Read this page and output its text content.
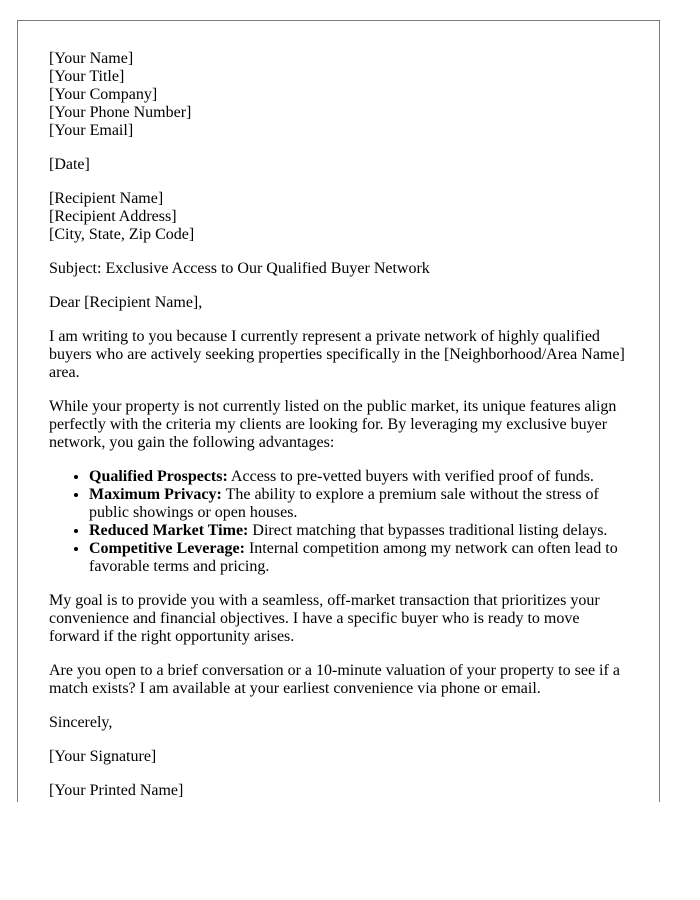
[Your Name]
[Your Title]
[Your Company]
[Your Phone Number]
[Your Email]
[Date]
[Recipient Name]
[Recipient Address]
[City, State, Zip Code]

Subject: Exclusive Access to Our Qualified Buyer Network

Dear [Recipient Name],

I am writing to you because I currently represent a private network of highly qualified buyers who are actively seeking properties specifically in the [Neighborhood/Area Name] area.

While your property is not currently listed on the public market, its unique features align perfectly with the criteria my clients are looking for. By leveraging my exclusive buyer network, you gain the following advantages:

• Qualified Prospects: Access to pre-vetted buyers with verified proof of funds.
• Maximum Privacy: The ability to explore a premium sale without the stress of public showings or open houses.
• Reduced Market Time: Direct matching that bypasses traditional listing delays.
• Competitive Leverage: Internal competition among my network can often lead to favorable terms and pricing.

My goal is to provide you with a seamless, off-market transaction that prioritizes your convenience and financial objectives. I have a specific buyer who is ready to move forward if the right opportunity arises.

Are you open to a brief conversation or a 10-minute valuation of your property to see if a match exists? I am available at your earliest convenience via phone or email.

Sincerely,

[Your Signature]

[Your Printed Name]
